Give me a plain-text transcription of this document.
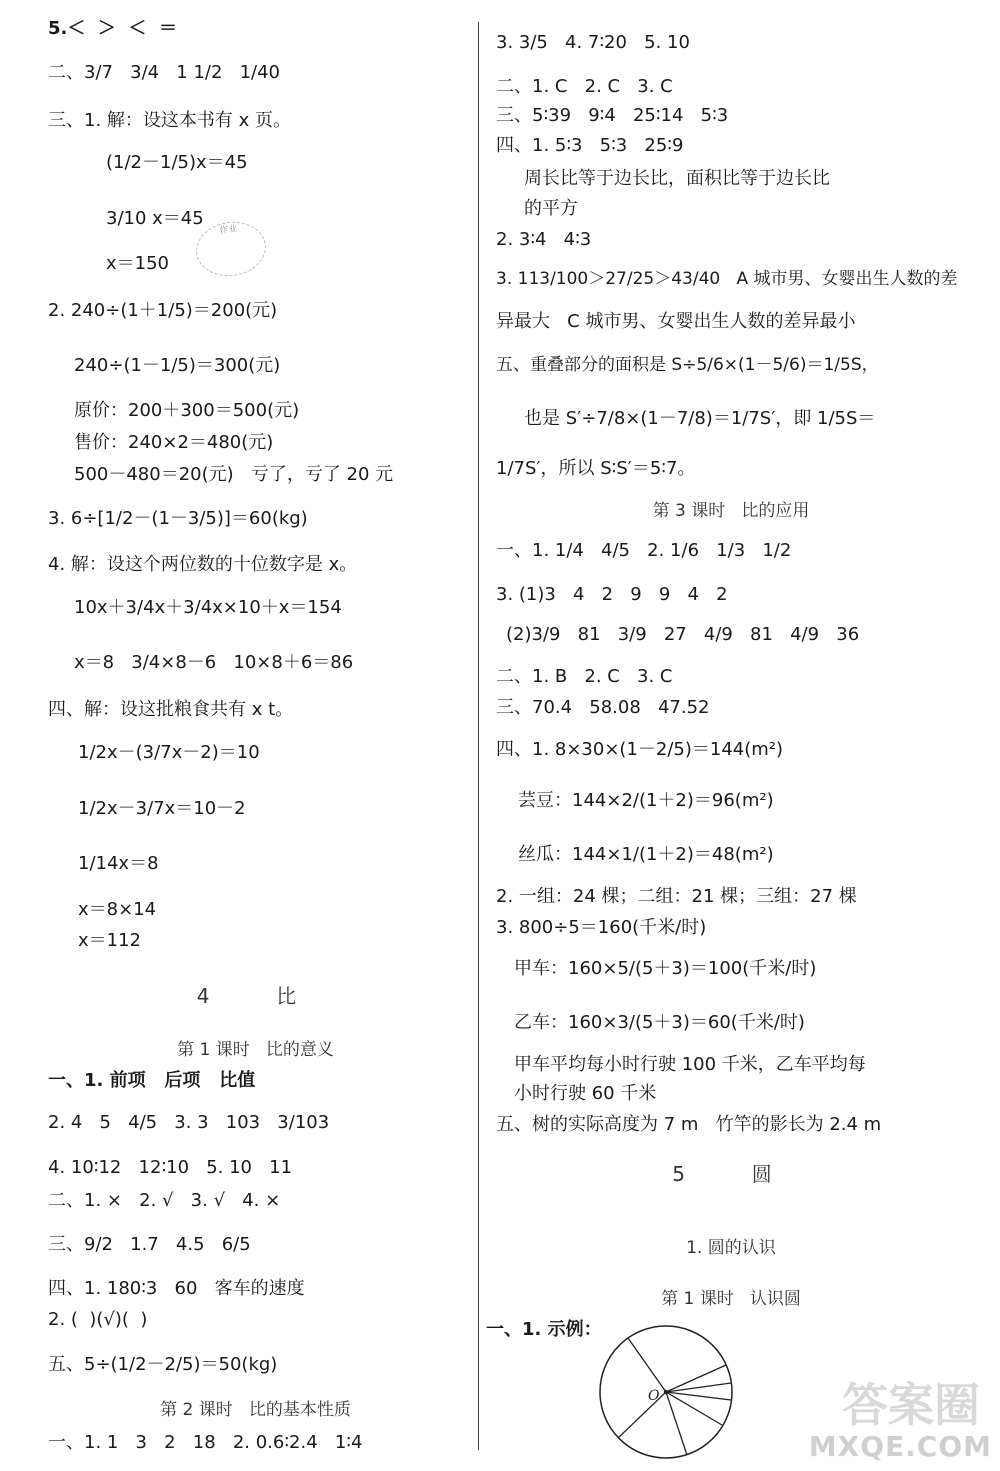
5.＜  ＞  ＜  ＝
二、3/7   3/4   1 1/2   1/40
三、1. 解：设这本书有 x 页。
(1/2－1/5)x＝45
3/10 x＝45
x＝150
作业
2. 240÷(1＋1/5)＝200(元)
240÷(1－1/5)＝300(元)
原价：200＋300＝500(元)
售价：240×2＝480(元)
500－480＝20(元)   亏了，亏了 20 元
3. 6÷[1/2－(1－3/5)]＝60(kg)
4. 解：设这个两位数的十位数字是 x。
10x＋3/4x＋3/4x×10＋x＝154
x＝8   3/4×8－6   10×8＋6＝86
四、解：设这批粮食共有 x t。
1/2x－(3/7x－2)＝10
1/2x－3/7x＝10－2
1/14x＝8
x＝8×14
x＝112
4  比
第 1 课时   比的意义
一、1. 前项   后项   比值
2. 4   5   4/5   3. 3   103   3/103
4. 10∶12   12∶10   5. 10   11
二、1. ×   2. √   3. √   4. ×
三、9/2   1.7   4.5   6/5
四、1. 180∶3   60   客车的速度
2. (  )(√)(  )
五、5÷(1/2－2/5)＝50(kg)
第 2 课时   比的基本性质
一、1. 1   3   2   18   2. 0.6∶2.4   1∶4
3. 3/5   4. 7∶20   5. 10
二、1. C   2. C   3. C
三、5∶39   9∶4   25∶14   5∶3
四、1. 5∶3   5∶3   25∶9
周长比等于边长比，面积比等于边长比
的平方
2. 3∶4   4∶3
3. 113/100＞27/25＞43/40   A 城市男、女婴出生人数的差
异最大   C 城市男、女婴出生人数的差异最小
五、重叠部分的面积是 S÷5/6×(1－5/6)＝1/5S，
也是 S′÷7/8×(1－7/8)＝1/7S′，即 1/5S＝
1/7S′，所以 S∶S′＝5∶7。
第 3 课时   比的应用
一、1. 1/4   4/5   2. 1/6   1/3   1/2
3. (1)3   4   2   9   9   4   2
(2)3/9   81   3/9   27   4/9   81   4/9   36
二、1. B   2. C   3. C
三、70.4   58.08   47.52
四、1. 8×30×(1－2/5)＝144(m²)
芸豆：144×2/(1＋2)＝96(m²)
丝瓜：144×1/(1＋2)＝48(m²)
2. 一组：24 棵；二组：21 棵；三组：27 棵
3. 800÷5＝160(千米/时)
甲车：160×5/(5＋3)＝100(千米/时)
乙车：160×3/(5＋3)＝60(千米/时)
甲车平均每小时行驶 100 千米，乙车平均每
小时行驶 60 千米
五、树的实际高度为 7 m   竹竿的影长为 2.4 m
5  圆
1. 圆的认识
第 1 课时   认识圆
一、1. 示例：
O	答案圈
MXQE.COM
